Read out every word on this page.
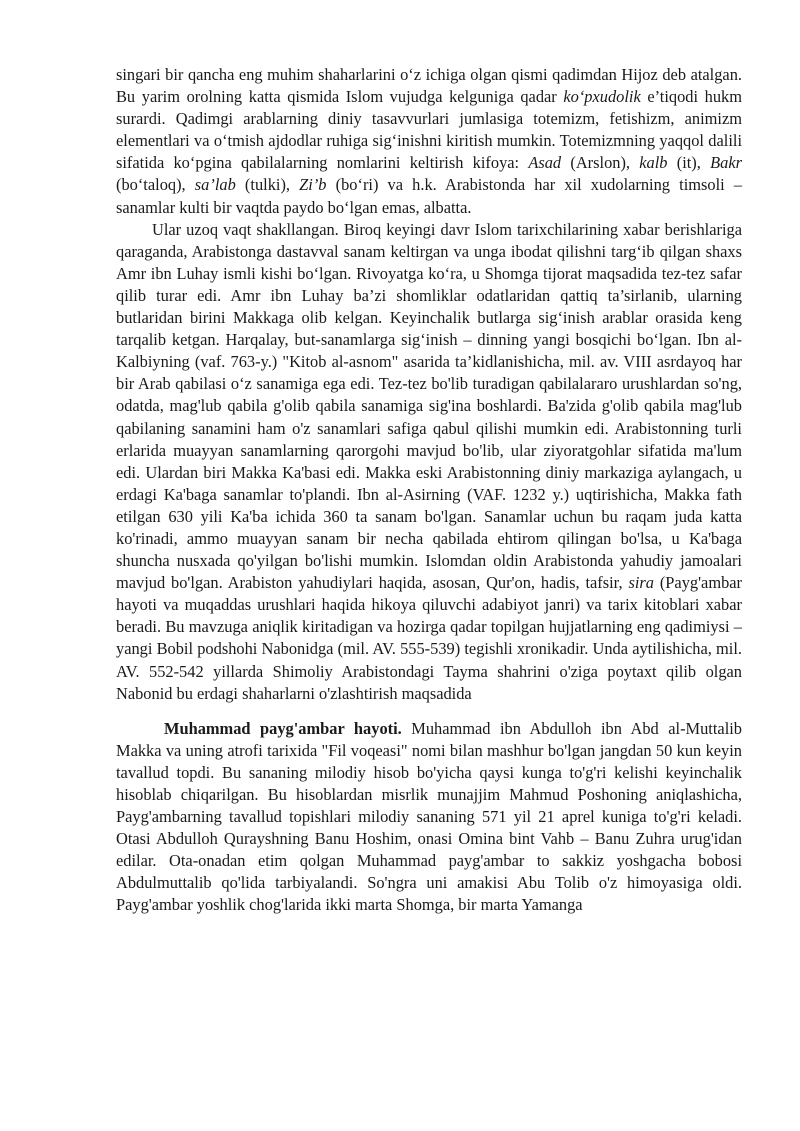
singari bir qancha eng muhim shaharlarini o‘z ichiga olgan qismi qadimdan Hijoz deb atalgan. Bu yarim orolning katta qismida Islom vujudga kelguniga qadar ko‘pxudolik e’tiqodi hukm surardi. Qadimgi arablarning diniy tasavvurlari jumlasiga totemizm, fetishizm, animizm elementlari va o‘tmish ajdodlar ruhiga sig‘inishni kiritish mumkin. Totemizmning yaqqol dalili sifatida ko‘pgina qabilalarning nomlarini keltirish kifoya: Asad (Arslon), kalb (it), Bakr (bo‘taloq), sa’lab (tulki), Zi’b (bo‘ri) va h.k. Arabistonda har xil xudolarning timsoli – sanamlar kulti bir vaqtda paydo bo‘lgan emas, albatta.

Ular uzoq vaqt shakllangan. Biroq keyingi davr Islom tarixchilarining xabar berishlariga qaraganda, Arabistonga dastavval sanam keltirgan va unga ibodat qilishni targ‘ib qilgan shaxs Amr ibn Luhay ismli kishi bo‘lgan. Rivoyatga ko‘ra, u Shomga tijorat maqsadida tez-tez safar qilib turar edi. Amr ibn Luhay ba’zi shomliklar odatlaridan qattiq ta’sirlanib, ularning butlaridan birini Makkaga olib kelgan. Keyinchalik butlarga sig‘inish arablar orasida keng tarqalib ketgan. Harqalay, but-sanamlarga sig‘inish – dinning yangi bosqichi bo‘lgan. Ibn al-Kalbiyning (vaf. 763-y.) "Kitob al-asnom" asarida ta’kidlanishicha, mil. av. VIII asrdayoq har bir Arab qabilasi o‘z sanamiga ega edi. Tez-tez bo'lib turadigan qabilalararo urushlardan so'ng, odatda, mag'lub qabila g'olib qabila sanamiga sig'ina boshlardi. Ba'zida g'olib qabila mag'lub qabilaning sanamini ham o'z sanamlari safiga qabul qilishi mumkin edi. Arabistonning turli erlarida muayyan sanamlarning qarorgohi mavjud bo'lib, ular ziyoratgohlar sifatida ma'lum edi. Ulardan biri Makka Ka'basi edi. Makka eski Arabistonning diniy markaziga aylangach, u erdagi Ka'baga sanamlar to'plandi. Ibn al-Asirning (VAF. 1232 y.) uqtirishicha, Makka fath etilgan 630 yili Ka'ba ichida 360 ta sanam bo'lgan. Sanamlar uchun bu raqam juda katta ko'rinadi, ammo muayyan sanam bir necha qabilada ehtirom qilingan bo'lsa, u Ka'baga shuncha nusxada qo'yilgan bo'lishi mumkin. Islomdan oldin Arabistonda yahudiy jamoalari mavjud bo'lgan. Arabiston yahudiylari haqida, asosan, Qur'on, hadis, tafsir, sira (Payg'ambar hayoti va muqaddas urushlari haqida hikoya qiluvchi adabiyot janri) va tarix kitoblari xabar beradi. Bu mavzuga aniqlik kiritadigan va hozirga qadar topilgan hujjatlarning eng qadimiysi – yangi Bobil podshohi Nabonidga (mil. AV. 555-539) tegishli xronikadir. Unda aytilishicha, mil. AV. 552-542 yillarda Shimoliy Arabistondagi Tayma shahrini o'ziga poytaxt qilib olgan Nabonid bu erdagi shaharlarni o'zlashtirish maqsadida

Muhammad payg'ambar hayoti. Muhammad ibn Abdulloh ibn Abd al-Muttalib Makka va uning atrofi tarixida "Fil voqeasi" nomi bilan mashhur bo'lgan jangdan 50 kun keyin tavallud topdi. Bu sananing milodiy hisob bo'yicha qaysi kunga to'g'ri kelishi keyinchalik hisoblab chiqarilgan. Bu hisoblardan misrlik munajjim Mahmud Poshoning aniqlashicha, Payg'ambarning tavallud topishlari milodiy sananing 571 yil 21 aprel kuniga to'g'ri keladi. Otasi Abdulloh Qurayshning Banu Hoshim, onasi Omina bint Vahb – Banu Zuhra urug'idan edilar. Ota-onadan etim qolgan Muhammad payg'ambar to sakkiz yoshgacha bobosi Abdulmuttalib qo'lida tarbiyalandi. So'ngra uni amakisi Abu Tolib o'z himoyasiga oldi. Payg'ambar yoshlik chog'larida ikki marta Shomga, bir marta Yamanga
